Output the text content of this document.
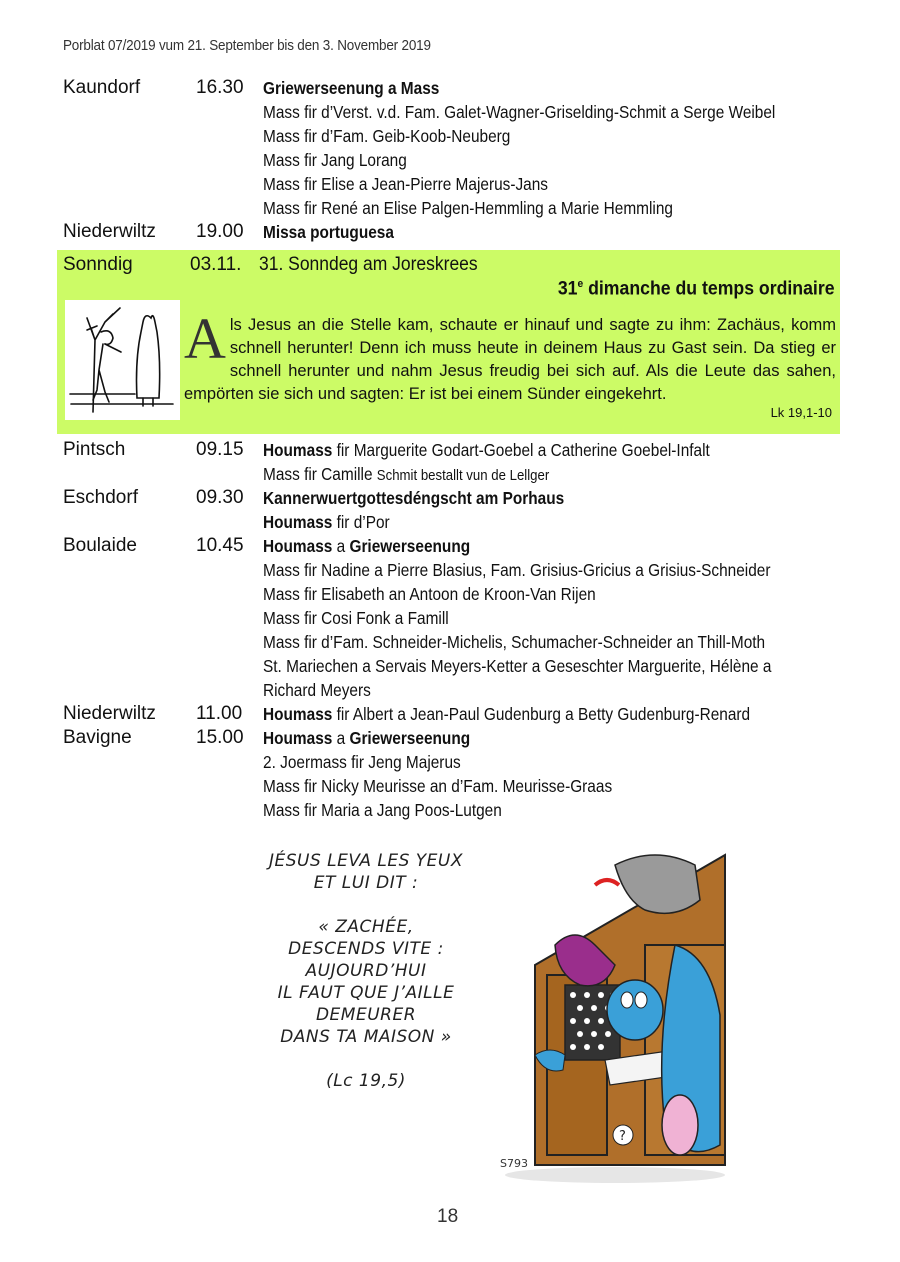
Porblat 07/2019 vum 21. September bis den 3. November 2019
Kaundorf	16.30	Griewerseenung a Mass
Mass fir d’Verst. v.d. Fam. Galet-Wagner-Griselding-Schmit a Serge Weibel
Mass fir d’Fam. Geib-Koob-Neuberg
Mass fir Jang Lorang
Mass fir Elise a Jean-Pierre Majerus-Jans
Mass fir René an Elise Palgen-Hemmling a Marie Hemmling
Niederwiltz	19.00	Missa portuguesa
Sonndig	03.11. 31. Sonndeg am Joreskrees
31e dimanche du temps ordinaire
Als Jesus an die Stelle kam, schaute er hinauf und sagte zu ihm: Zachäus, komm schnell herunter! Denn ich muss heute in deinem Haus zu Gast sein. Da stieg er schnell herunter und nahm Jesus freudig bei sich auf. Als die Leute das sahen, empörten sie sich und sagten: Er ist bei einem Sünder eingekehrt.
Lk 19,1-10
Pintsch	09.15	Houmass fir Marguerite Godart-Goebel a Catherine Goebel-Infalt
Mass fir Camille Schmit bestallt vun de Lellger
Eschdorf	09.30	Kannerwuertgottesdéngscht am Porhaus
Houmass fir d’Por
Boulaide	10.45	Houmass a Griewerseenung
Mass fir Nadine a Pierre Blasius, Fam. Grisius-Gricius a Grisius-Schneider
Mass fir Elisabeth an Antoon de Kroon-Van Rijen
Mass fir Cosi Fonk a Famill
Mass fir d’Fam. Schneider-Michelis, Schumacher-Schneider an Thill-Moth
St. Mariechen a Servais Meyers-Ketter a Geseschter Marguerite, Hélène a
Richard Meyers
Niederwiltz	11.00	Houmass fir Albert a Jean-Paul Gudenburg a Betty Gudenburg-Renard
Bavigne	15.00	Houmass a Griewerseenung
2. Joermass fir Jeng Majerus
Mass fir Nicky Meurisse an d’Fam. Meurisse-Graas
Mass fir Maria a Jang Poos-Lutgen
JÉSUS LEVA LES YEUX
ET LUI DIT :

« ZACHÉE,
DESCENDS VITE :
AUJOURD’HUI
IL FAUT QUE J’AILLE
DEMEURER
DANS TA MAISON »

(Lc 19,5)
?
S793
18
